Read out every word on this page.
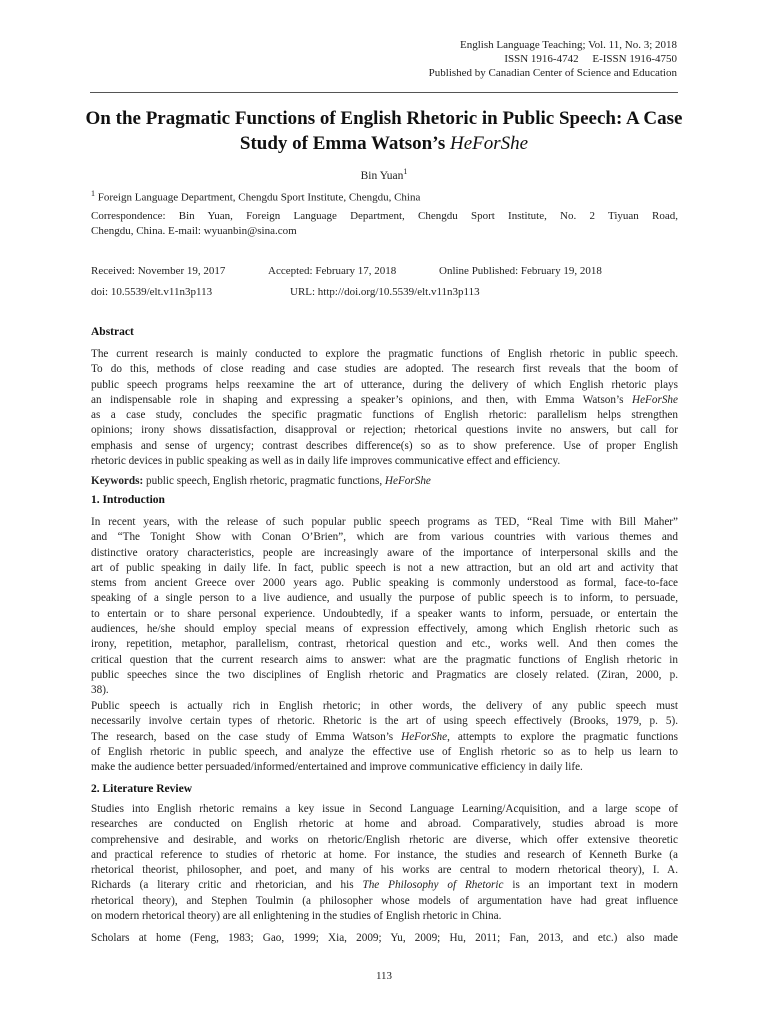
English Language Teaching; Vol. 11, No. 3; 2018
ISSN 1916-4742     E-ISSN 1916-4750
Published by Canadian Center of Science and Education
On the Pragmatic Functions of English Rhetoric in Public Speech: A Case Study of Emma Watson’s HeForShe
Bin Yuan$^1$
$^1$ Foreign Language Department, Chengdu Sport Institute, Chengdu, China
Correspondence: Bin Yuan, Foreign Language Department, Chengdu Sport Institute, No. 2 Tiyuan Road,
Chengdu, China. E-mail: wyuanbin@sina.com
Received: November 19, 2017	Accepted: February 17, 2018	Online Published: February 19, 2018
doi: 10.5539/elt.v11n3p113	URL: http://doi.org/10.5539/elt.v11n3p113
Abstract
The current research is mainly conducted to explore the pragmatic functions of English rhetoric in public speech.
To do this, methods of close reading and case studies are adopted. The research first reveals that the boom of
public speech programs helps reexamine the art of utterance, during the delivery of which English rhetoric plays
an indispensable role in shaping and expressing a speaker’s opinions, and then, with Emma Watson’s HeForShe
as a case study, concludes the specific pragmatic functions of English rhetoric: parallelism helps strengthen
opinions; irony shows dissatisfaction, disapproval or rejection; rhetorical questions invite no answers, but call for
emphasis and sense of urgency; contrast describes difference(s) so as to show preference. Use of proper English
rhetoric devices in public speaking as well as in daily life improves communicative effect and efficiency.
Keywords: public speech, English rhetoric, pragmatic functions, HeForShe
1. Introduction
In recent years, with the release of such popular public speech programs as TED, “Real Time with Bill Maher”
and “The Tonight Show with Conan O’Brien”, which are from various countries with various themes and
distinctive oratory characteristics, people are increasingly aware of the importance of interpersonal skills and the
art of public speaking in daily life. In fact, public speech is not a new attraction, but an old art and activity that
stems from ancient Greece over 2000 years ago. Public speaking is commonly understood as formal, face-to-face
speaking of a single person to a live audience, and usually the purpose of public speech is to inform, to persuade,
to entertain or to share personal experience. Undoubtedly, if a speaker wants to inform, persuade, or entertain the
audiences, he/she should employ special means of expression effectively, among which English rhetoric such as
irony, repetition, metaphor, parallelism, contrast, rhetorical question and etc., works well. And then comes the
critical question that the current research aims to answer: what are the pragmatic functions of English rhetoric in
public speeches since the two disciplines of English rhetoric and Pragmatics are closely related. (Ziran, 2000, p.
38).
Public speech is actually rich in English rhetoric; in other words, the delivery of any public speech must
necessarily involve certain types of rhetoric. Rhetoric is the art of using speech effectively (Brooks, 1979, p. 5).
The research, based on the case study of Emma Watson’s HeForShe, attempts to explore the pragmatic functions
of English rhetoric in public speech, and analyze the effective use of English rhetoric so as to help us learn to
make the audience better persuaded/informed/entertained and improve communicative efficiency in daily life.
2. Literature Review
Studies into English rhetoric remains a key issue in Second Language Learning/Acquisition, and a large scope of
researches are conducted on English rhetoric at home and abroad. Comparatively, studies abroad is more
comprehensive and desirable, and works on rhetoric/English rhetoric are diverse, which offer extensive theoretic
and practical reference to studies of rhetoric at home. For instance, the studies and research of Kenneth Burke (a
rhetorical theorist, philosopher, and poet, and many of his works are central to modern rhetorical theory), I. A.
Richards (a literary critic and rhetorician, and his The Philosophy of Rhetoric is an important text in modern
rhetorical theory), and Stephen Toulmin (a philosopher whose models of argumentation have had great influence
on modern rhetorical theory) are all enlightening in the studies of English rhetoric in China.
Scholars at home (Feng, 1983; Gao, 1999; Xia, 2009; Yu, 2009; Hu, 2011; Fan, 2013, and etc.) also made
113
